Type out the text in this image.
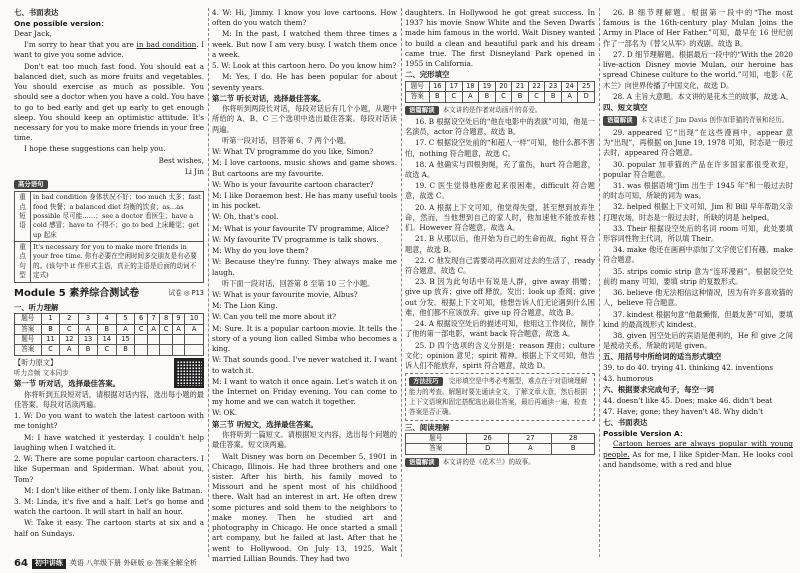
七、书面表达
One possible version：
Dear Jack,
I'm sorry to hear that you are in bad condition. I want to give you some advice.
Don't eat too much fast food. You should eat a balanced diet, such as more fruits and vegetables. You should exercise as much as possible. You should see a doctor when you have a cold. You have to go to bed early and get up early to get enough sleep. You should keep an optimistic attitude. It's necessary for you to make more friends in your free time.
I hope these suggestions can help you.
Best wishes,
Li Jin
高分语句
重点短语	in bad condition 身体状况不好；too much 太多；fast food 快餐；a balanced diet 均衡的饮食；as…as possible 尽可能……；see a doctor 看医生；have a cold 感冒；have to 不得不；go to bed 上床睡觉；get up 起床
重点句型	It's necessary for you to make more friends in your free time. 你有必要在空闲时间多交朋友是有必要的。(该句中 it 作形式主语，真正的主语是后面的动词不定式)
Module 5 素养综合测试卷	试卷 ◎ P13
一、听力理解
题号	1	2	3	4	5	6	7	8	9	10
答案	B	C	A	B	A	C	A	C	A	A
题号	11	12	13	14	15					
答案	C	A	B	C	B					
【听力原文】
听力音频 文本同步
第一节 听对话，选择最佳答案。
你将听到五段短对话，请根据对话内容，选出每小题的最佳答案。每段对话读两遍。
1. W: Do you want to watch the latest cartoon with me tonight?
M: I have watched it yesterday. I couldn't help laughing when I watched it.
2. W: There are some popular cartoon characters. I like Superman and Spiderman. What about you, Tom?
M: I don't like either of them. I only like Batman.
3. M: Linda, it's five and a half. Let's go home and watch the cartoon. It will start in half an hour.
W: Take it easy. The cartoon starts at six and a half on Sundays.
4. W: Hi, Jimmy. I know you love cartoons. How often do you watch them?
M: In the past, I watched them three times a week. But now I am very busy. I watch them once a week.
5. W: Look at this cartoon hero. Do you know him?
M: Yes, I do. He has been popular for about seventy years.
第二节 听长对话，选择最佳答案。
你将听到两段长对话，每段对话后有几个小题，从题中所给的 A、B、C 三个选项中选出最佳答案。每段对话读两遍。
听第一段对话，回答第 6、7 两个小题。
W: What TV programme do you like, Simon?
M: I love cartoons, music shows and game shows. But cartoons are my favourite.
W: Who is your favourite cartoon character?
M: I like Doraemon best. He has many useful tools in his pocket.
W: Oh, that's cool.
M: What is your favourite TV programme, Alice?
W: My favourite TV programme is talk shows.
M: Why do you love them?
W: Because they're funny. They always make me laugh.
听下面一段对话，回答第 8 至第 10 三个小题。
W: What is your favourite movie, Albus?
M: The Lion King.
W: Can you tell me more about it?
M: Sure. It is a popular cartoon movie. It tells the story of a young lion called Simba who becomes a king.
W: That sounds good. I've never watched it. I want to watch it.
M: I want to watch it once again. Let's watch it on the Internet on Friday evening. You can come to my home and we can watch it together.
W: OK.
第三节 听短文，选择最佳答案。
你将听到一篇短文。请根据短文内容，选出每个问题的最佳答案。短文读两遍。
Walt Disney was born on December 5, 1901 in Chicago, Illinois. He had three brothers and one sister. After his birth, his family moved to Missouri and he spent most of his childhood there. Walt had an interest in art. He often drew some pictures and sold them to the neighbors to make money. Then he studied art and photography in Chicago. He once started a small art company, but he failed at last. After that he went to Hollywood. On July 13, 1925, Walt married Lillian Bounds. They had two
daughters. In Hollywood he got great success. In 1937 his movie Snow White and the Seven Dwarfs made him famous in the world. Walt Disney wanted to build a clean and beautiful park and his dream came true. The first Disneyland Park opened in 1955 in California.
二、完形填空
题号	16	17	18	19	20	21	22	23	24	25
答案	B	C	A	B	C	B	C	B	A	D
语篇解读 本文讲的是作者对动画片的喜爱。
16. B 根据设空处后的“他在电影中的表演”可知，他是一名演员，actor 符合题意，故选 B。
17. C 根据设空处前的“和超人一样”可知，他什么都不害怕，nothing 符合题意，故选 C。
18. A 他确实与四根狗绳，充了童伤，hurt 符合题意，故选 A。
19. C 医生觉得他痊愈起来很困难，difficult 符合题意，故选 C。
20. A 根据上下文可知，他觉得失望，甚至想到放弃生命，然而，当他想到自己的家人时，他加速他不能放弃他们。However 符合题意，故选 A。
21. B 从那以后，他开始为自己的生命而战，fight 符合题意，故选 B。
22. C 他发现自己需要动再次面对过去的生活了，ready 符合题意，故选 C。
23. B 因为此句话中有说是人群，give away 捐赠；give up 放弃；give off 释放，发出；look up 查阅；give out 分发。根据上下文可知，他想告诉人们无论遇到什么困难，他们都不应该放弃。give up 符合题意，故选 B。
24. A 根据设空处后的描述可知，他用这工作岗位，制作了他的第一部电影，want back 符合题意，故选 A。
25. D 四个选项的含义分别是：reason 理由；culture 文化；opinion 意见；spirit 精神。根据上下文可知，他告诉人们不能放弃，spirit 符合题意，故选 D。
方法技巧 完形填空是中考必考题型，难点在于对语境理解能力的考查。解题时要先通读全文，了解文章大意，然后根据上下文语境和固定搭配选出最佳答案，最后再通读一遍，检查答案是否正确。
三、阅读理解
题号	26	27	28
答案	D	A	B
语篇解读 本文讲的是《花木兰》的故事。
26. B 细节理解题。根据第一段中的“The most famous is the 16th-century play Mulan Joins the Army in Place of Her Father.”可知，最早在 16 世纪创作了一部名为《替父从军》的戏剧。故选 B。
27. D 细节理解题。根据最后一段中的“With the 2020 live-action Disney movie Mulan, our heroine has spread Chinese culture to the world.”可知，电影《花木兰》向世界传播了中国文化，故选 D。
28. A 主旨大意题。本文讲的是花木兰的故事，故选 A。
四、短文填空
语篇解读 本文讲述了 Jim Davis 创作加菲猫的背景和经历。
29. appeared 它“出现”在这些漫画中，appear 意为“出现”，再根据 on June 19, 1978 可知，时态是一般过去时，appeared 符合题意。
30. popular 加菲猫的产品在许多国家都很受欢迎，popular 符合题意。
31. was 根据语境“Jim 出生于 1945 年”和一般过去时的时态可知，所缺的词为 was。
32. helped 根据上下文可知，Jim 和 Bill 早年帮助父亲打理农场，时态是一般过去时，所缺的词是 helped。
33. Their 根据设空处后的名词 room 可知，此处要填形容词性物主代词，所以填 Their。
34. make 他还在画画中添加了文字使它们有趣，make 符合题意。
35. strips comic strip 意为“连环漫画”，根据设空处前的 many 可知，要填 strip 的复数形式。
36. believe 他无法相信这种情况，因为有许多喜欢猫的人，believe 符合题意。
37. kindest 根据句意“他最懒惰，但最友善”可知，要填 kind 的最高级形式 kindest。
38. given 因空处后的宾语是便利的，He 和 give 之间是被动关系，所缺的词是 given。
五、用括号中所给词的适当形式填空
39. to do 40. trying 41. thinking 42. inventions
43. humorous
六、根据要求完成句子，每空一词
44. doesn't like 45. Does; make 46. didn't beat
47. Have; gone; they haven't 48. Why didn't
七、书面表达
Possible Version A：
Cartoon heroes are always popular with young people. As for me, I like Spider-Man. He looks cool and handsome, with a red and blue
64	初中讲练	英语 八年级下册 外研版 ◎ 答案全解全析
